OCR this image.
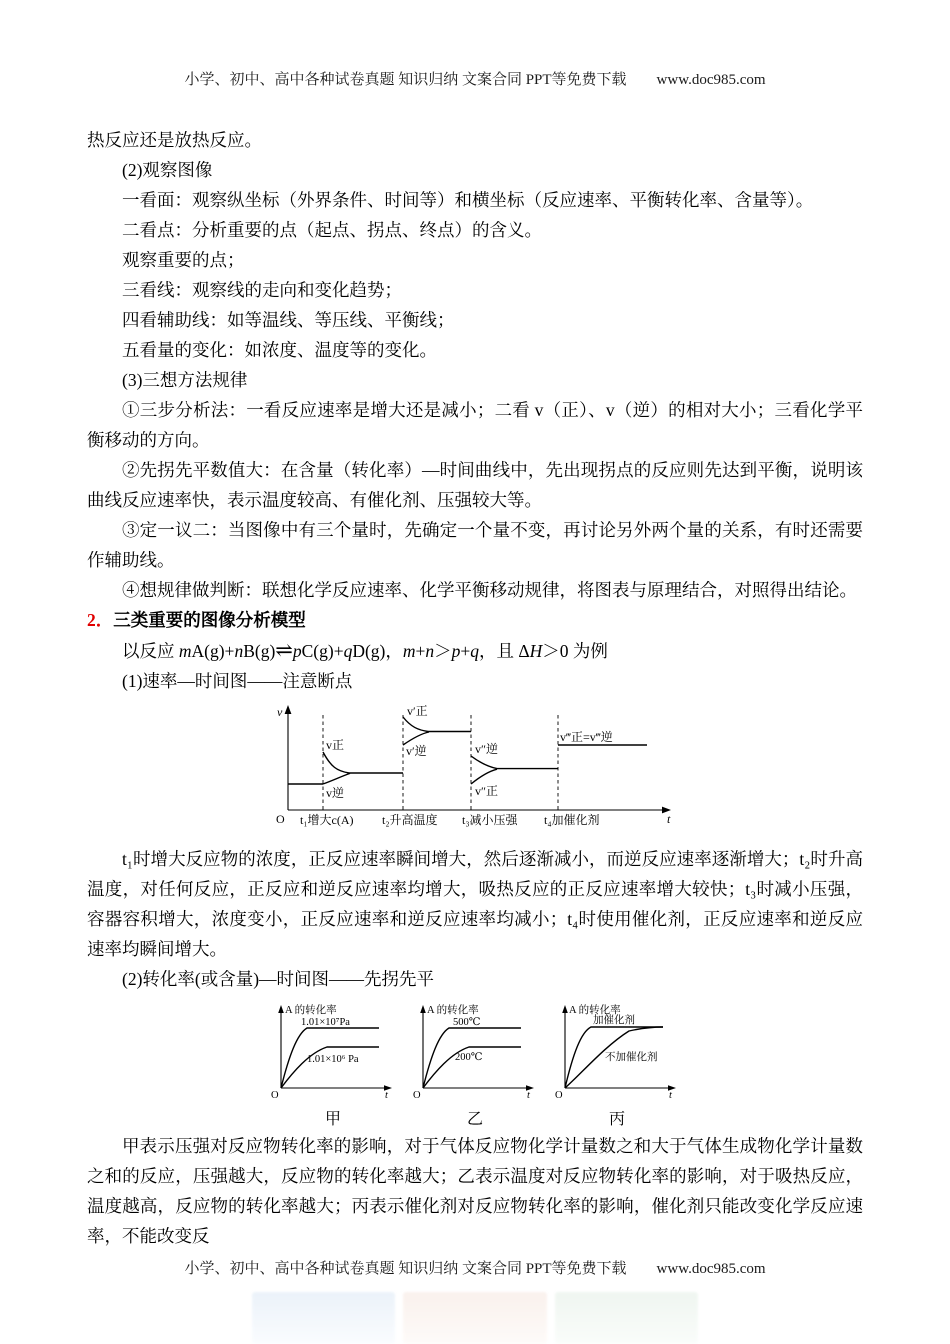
小学、初中、高中各种试卷真题 知识归纳 文案合同 PPT等免费下载 www.doc985.com

热反应还是放热反应。

(2)观察图像

一看面：观察纵坐标（外界条件、时间等）和横坐标（反应速率、平衡转化率、含量等）。

二看点：分析重要的点（起点、拐点、终点）的含义。

观察重要的点；

三看线：观察线的走向和变化趋势；

四看辅助线：如等温线、等压线、平衡线；

五看量的变化：如浓度、温度等的变化。

(3)三想方法规律

①三步分析法：一看反应速率是增大还是减小；二看 v（正）、v（逆）的相对大小；三看化学平衡移动的方向。

②先拐先平数值大：在含量（转化率）—时间曲线中，先出现拐点的反应则先达到平衡，说明该曲线反应速率快，表示温度较高、有催化剂、压强较大等。

③定一议二：当图像中有三个量时，先确定一个量不变，再讨论另外两个量的关系，有时还需要作辅助线。

④想规律做判断：联想化学反应速率、化学平衡移动规律，将图表与原理结合，对照得出结论。

2．三类重要的图像分析模型

以反应 mA(g)+nB(g)⇌pC(g)+qD(g)，m+n＞p+q，且 ΔH＞0 为例

(1)速率—时间图——注意断点

v
O	t
v正
v逆
v′正
v′逆	v″逆
v″正
v‴正=v‴逆
t₁增大c(A) t₂升高温度 t₃减小压强 t₄加催化剂

t₁时增大反应物的浓度，正反应速率瞬间增大，然后逐渐减小，而逆反应速率逐渐增大；t₂时升高温度，对任何反应，正反应和逆反应速率均增大，吸热反应的正反应速率增大较快；t₃时减小压强，容器容积增大，浓度变小，正反应速率和逆反应速率均减小；t₄时使用催化剂，正反应速率和逆反应速率均瞬间增大。

(2)转化率(或含量)—时间图——先拐先平

A 的转化率
O	t
1.01×10⁷Pa
1.01×10⁶ Pa
甲
A 的转化率
O	t
500℃
200℃
乙
A 的转化率
O	t
加催化剂
不加催化剂
丙

甲表示压强对反应物转化率的影响，对于气体反应物化学计量数之和大于气体生成物化学计量数之和的反应，压强越大，反应物的转化率越大；乙表示温度对反应物转化率的影响，对于吸热反应，温度越高，反应物的转化率越大；丙表示催化剂对反应物转化率的影响，催化剂只能改变化学反应速率，不能改变反

小学、初中、高中各种试卷真题 知识归纳 文案合同 PPT等免费下载 www.doc985.com
